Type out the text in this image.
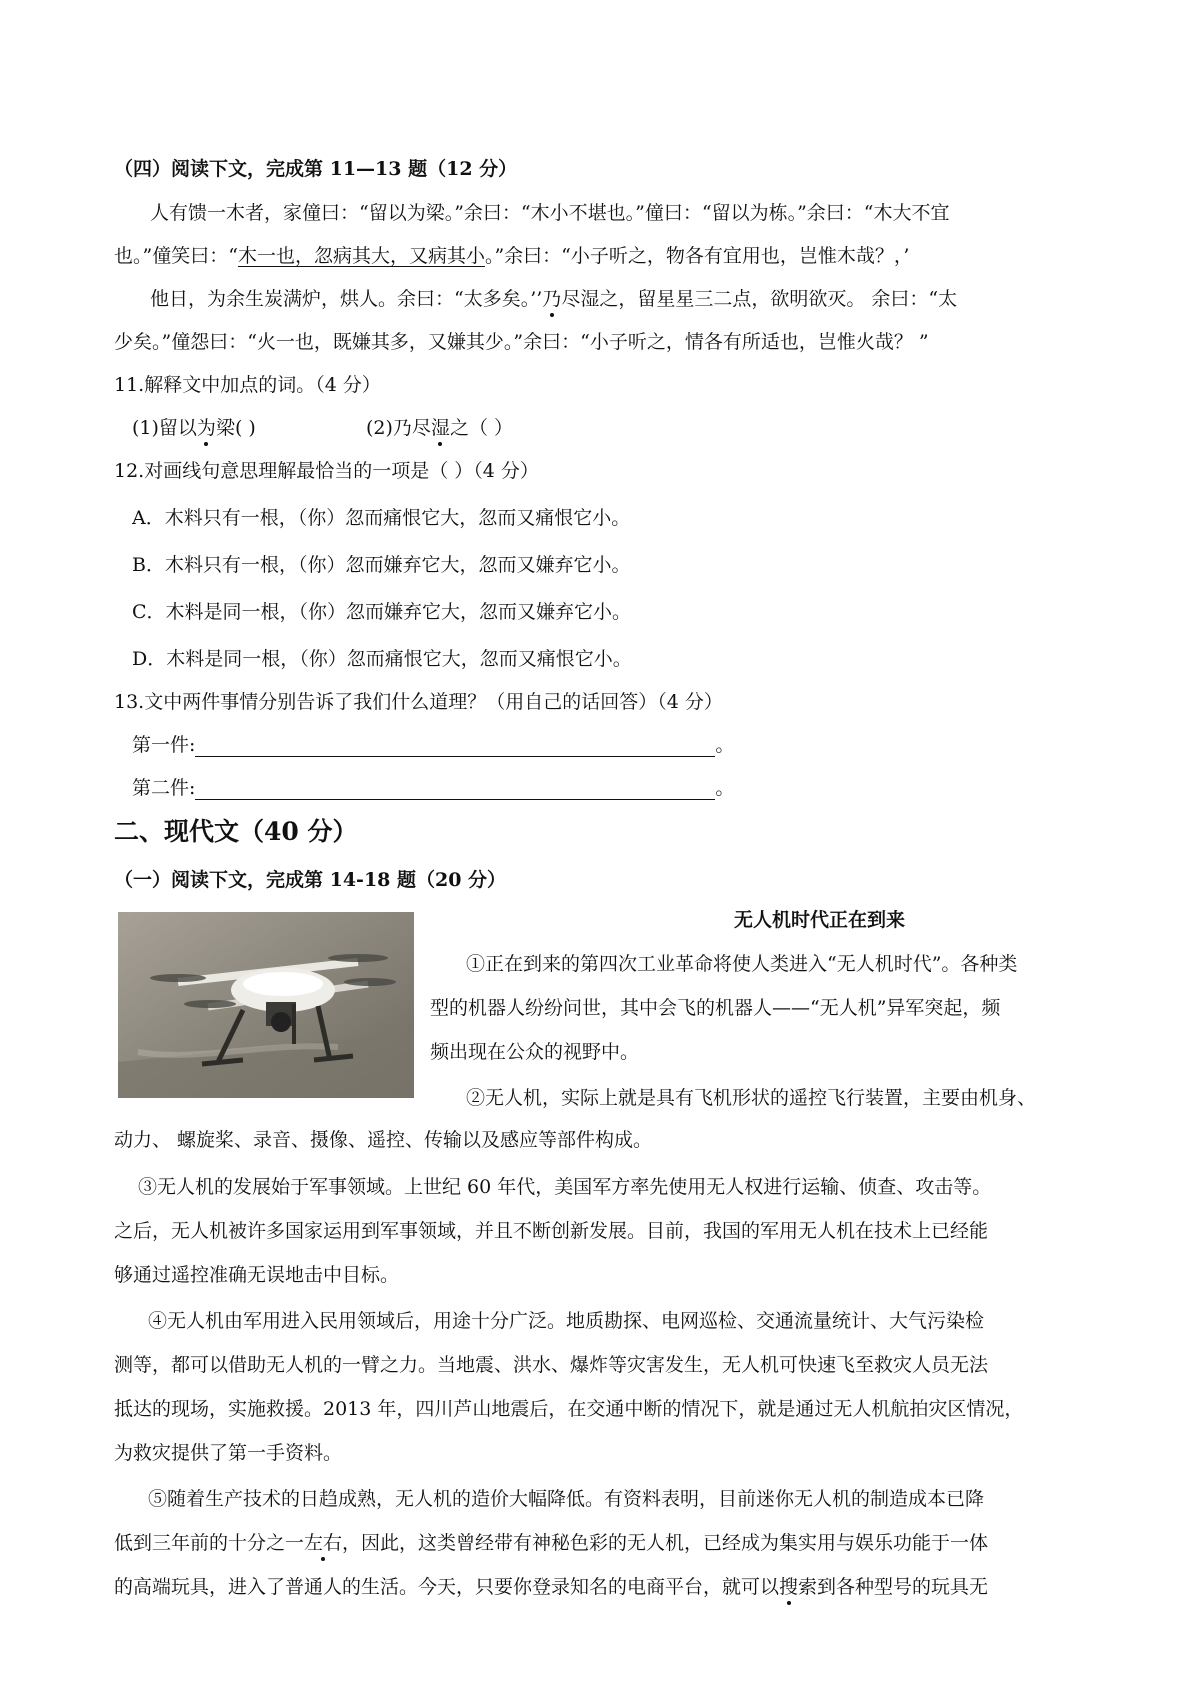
（四）阅读下文，完成第 11—13 题（12 分）
人有馈一木者，家僮曰：“留以为梁。”余曰：“木小不堪也。”僮曰：“留以为栋。”余曰：“木大不宜
也。”僮笑曰：“木一也，忽病其大，又病其小。”余曰：“小子听之，物各有宜用也，岂惟木哉？，’
他日，为余生炭满炉，烘人。余曰：“太多矣。’’乃尽湿之，留星星三二点，欲明欲灭。 余曰：“太
少矣。”僮怨曰：“火一也，既嫌其多，又嫌其少。”余曰：“小子听之，情各有所适也，岂惟火哉？ ”
11.解释文中加点的词。（4 分）
(1)留以为梁( )	(2)乃尽湿之（ ）
12.对画线句意思理解最恰当的一项是（ ）（4 分）
A．木料只有一根，（你）忽而痛恨它大，忽而又痛恨它小。
B．木料只有一根，（你）忽而嫌弃它大，忽而又嫌弃它小。
C．木料是同一根，（你）忽而嫌弃它大，忽而又嫌弃它小。
D．木料是同一根，（你）忽而痛恨它大，忽而又痛恨它小。
13.文中两件事情分别告诉了我们什么道理？（用自己的话回答）（4 分）
第一件:	。
第二件:	。
二、现代文（40 分）
（一）阅读下文，完成第 14-18 题（20 分）
无人机时代正在到来
①正在到来的第四次工业革命将使人类进入“无人机时代”。各种类
型的机器人纷纷问世，其中会飞的机器人——“无人机”异军突起，频
频出现在公众的视野中。
②无人机，实际上就是具有飞机形状的遥控飞行装置，主要由机身、
动力、 螺旋桨、录音、摄像、遥控、传输以及感应等部件构成。
③无人机的发展始于军事领域。上世纪 60 年代，美国军方率先使用无人权进行运输、侦查、攻击等。
之后，无人机被许多国家运用到军事领域，并且不断创新发展。目前，我国的军用无人机在技术上已经能
够通过遥控准确无误地击中目标。
④无人机由军用进入民用领域后，用途十分广泛。地质勘探、电网巡检、交通流量统计、大气污染检
测等，都可以借助无人机的一臂之力。当地震、洪水、爆炸等灾害发生，无人机可快速飞至救灾人员无法
抵达的现场，实施救援。2013 年，四川芦山地震后，在交通中断的情况下，就是通过无人机航拍灾区情况，
为救灾提供了第一手资料。
⑤随着生产技术的日趋成熟，无人机的造价大幅降低。有资料表明，目前迷你无人机的制造成本已降
低到三年前的十分之一左右，因此，这类曾经带有神秘色彩的无人机，已经成为集实用与娱乐功能于一体
的高端玩具，进入了普通人的生活。今天，只要你登录知名的电商平台，就可以搜索到各种型号的玩具无
